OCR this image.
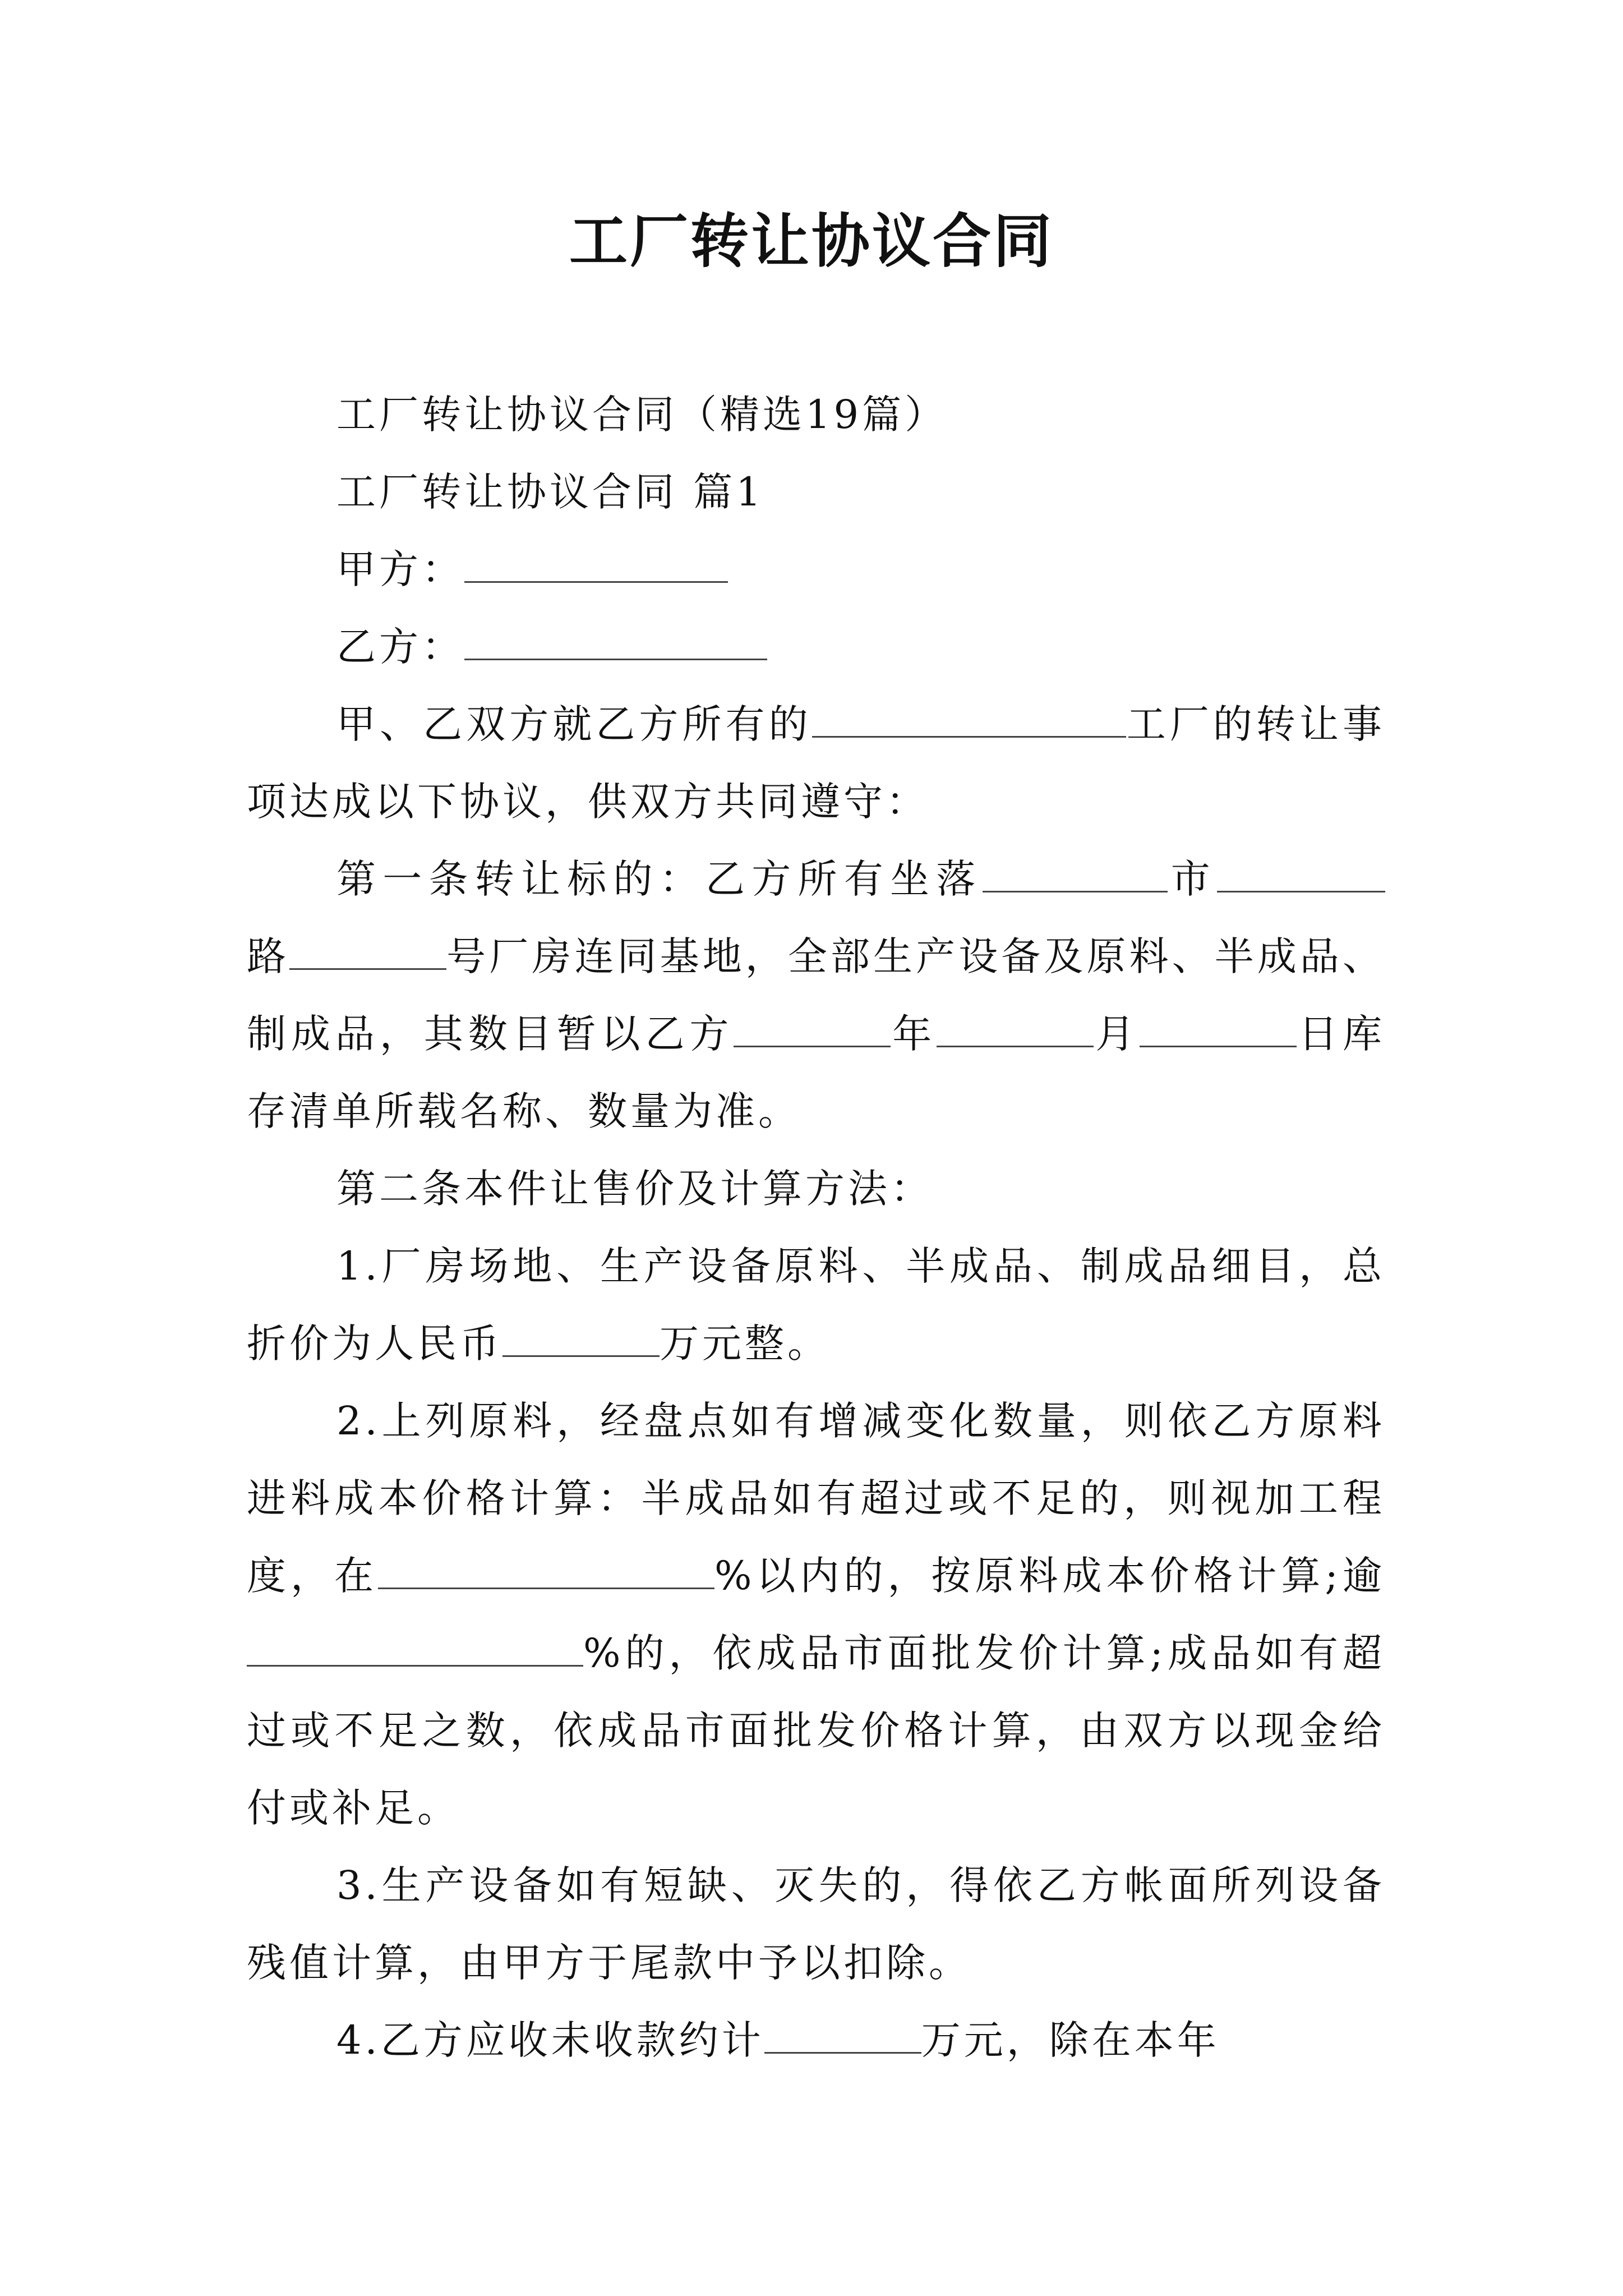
工厂转让协议合同

工厂转让协议合同（精选19篇）

工厂转让协议合同 篇1

甲方：

乙方：

甲、乙双方就乙方所有的	工厂的转让事项达成以下协议，供双方共同遵守：

第一条转让标的：乙方所有坐落	市 路	号厂房连同基地，全部生产设备及原料、半成品、制成品，其数目暂以乙方	年	月	日库存清单所载名称、数量为准。

第二条本件让售价及计算方法：

1.厂房场地、生产设备原料、半成品、制成品细目，总折价为人民币	万元整。

2.上列原料，经盘点如有增减变化数量，则依乙方原料进料成本价格计算：半成品如有超过或不足的，则视加工程度，在	%以内的，按原料成本价格计算;逾%的，依成品市面批发价计算;成品如有超过或不足之数，依成品市面批发价格计算，由双方以现金给付或补足。

3.生产设备如有短缺、灭失的，得依乙方帐面所列设备残值计算，由甲方于尾款中予以扣除。

4.乙方应收未收款约计	万元，除在本年
